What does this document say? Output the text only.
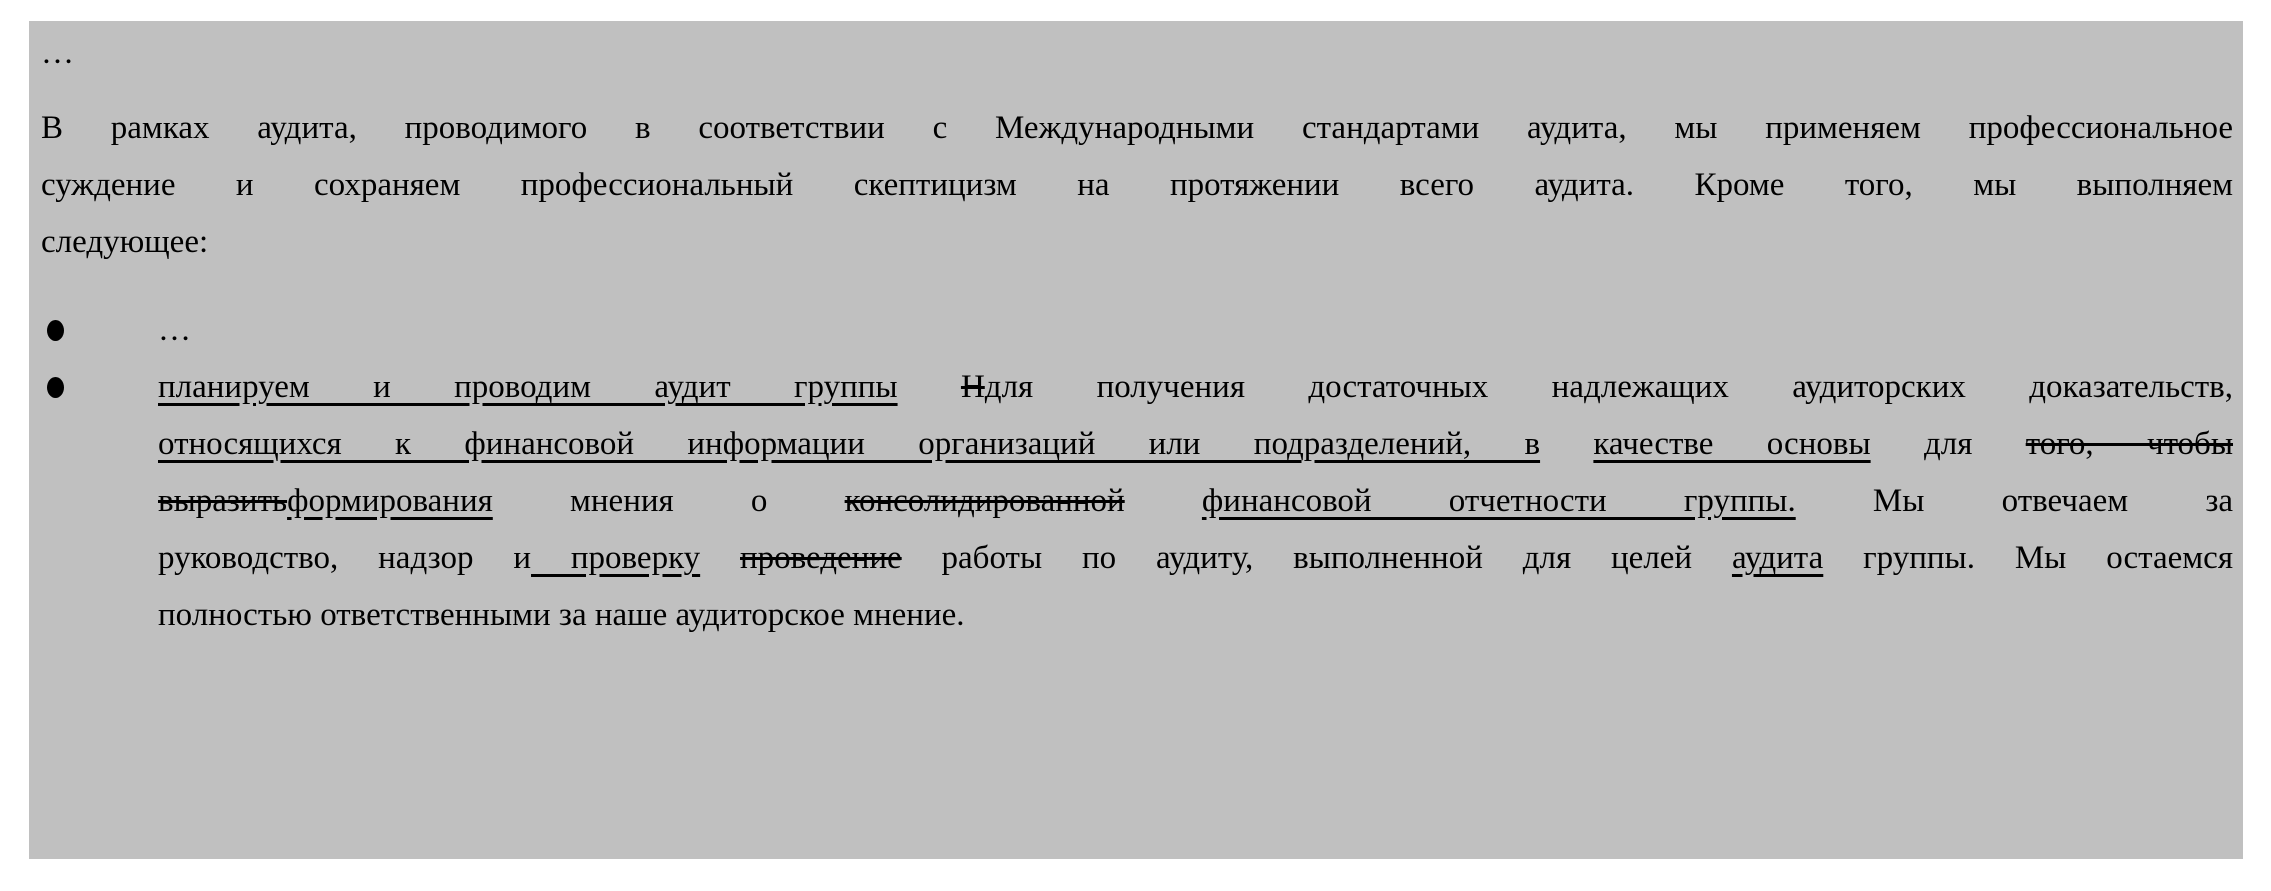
…
В рамках аудита, проводимого в соответствии с Международными стандартами аудита, мы применяем профессиональное
суждение и сохраняем профессиональный скептицизм на протяжении всего аудита. Кроме того, мы выполняем
следующее:
…
планируем и проводим аудит группы Ндля получения достаточных надлежащих аудиторских доказательств,
относящихся к финансовой информации организаций или подразделений, в качестве основы для того, чтобы
выразитьформирования мнения о консолидированной финансовой отчетности группы. Мы отвечаем за
руководство, надзор и проверку проведение работы по аудиту, выполненной для целей аудита группы. Мы остаемся
полностью ответственными за наше аудиторское мнение.
